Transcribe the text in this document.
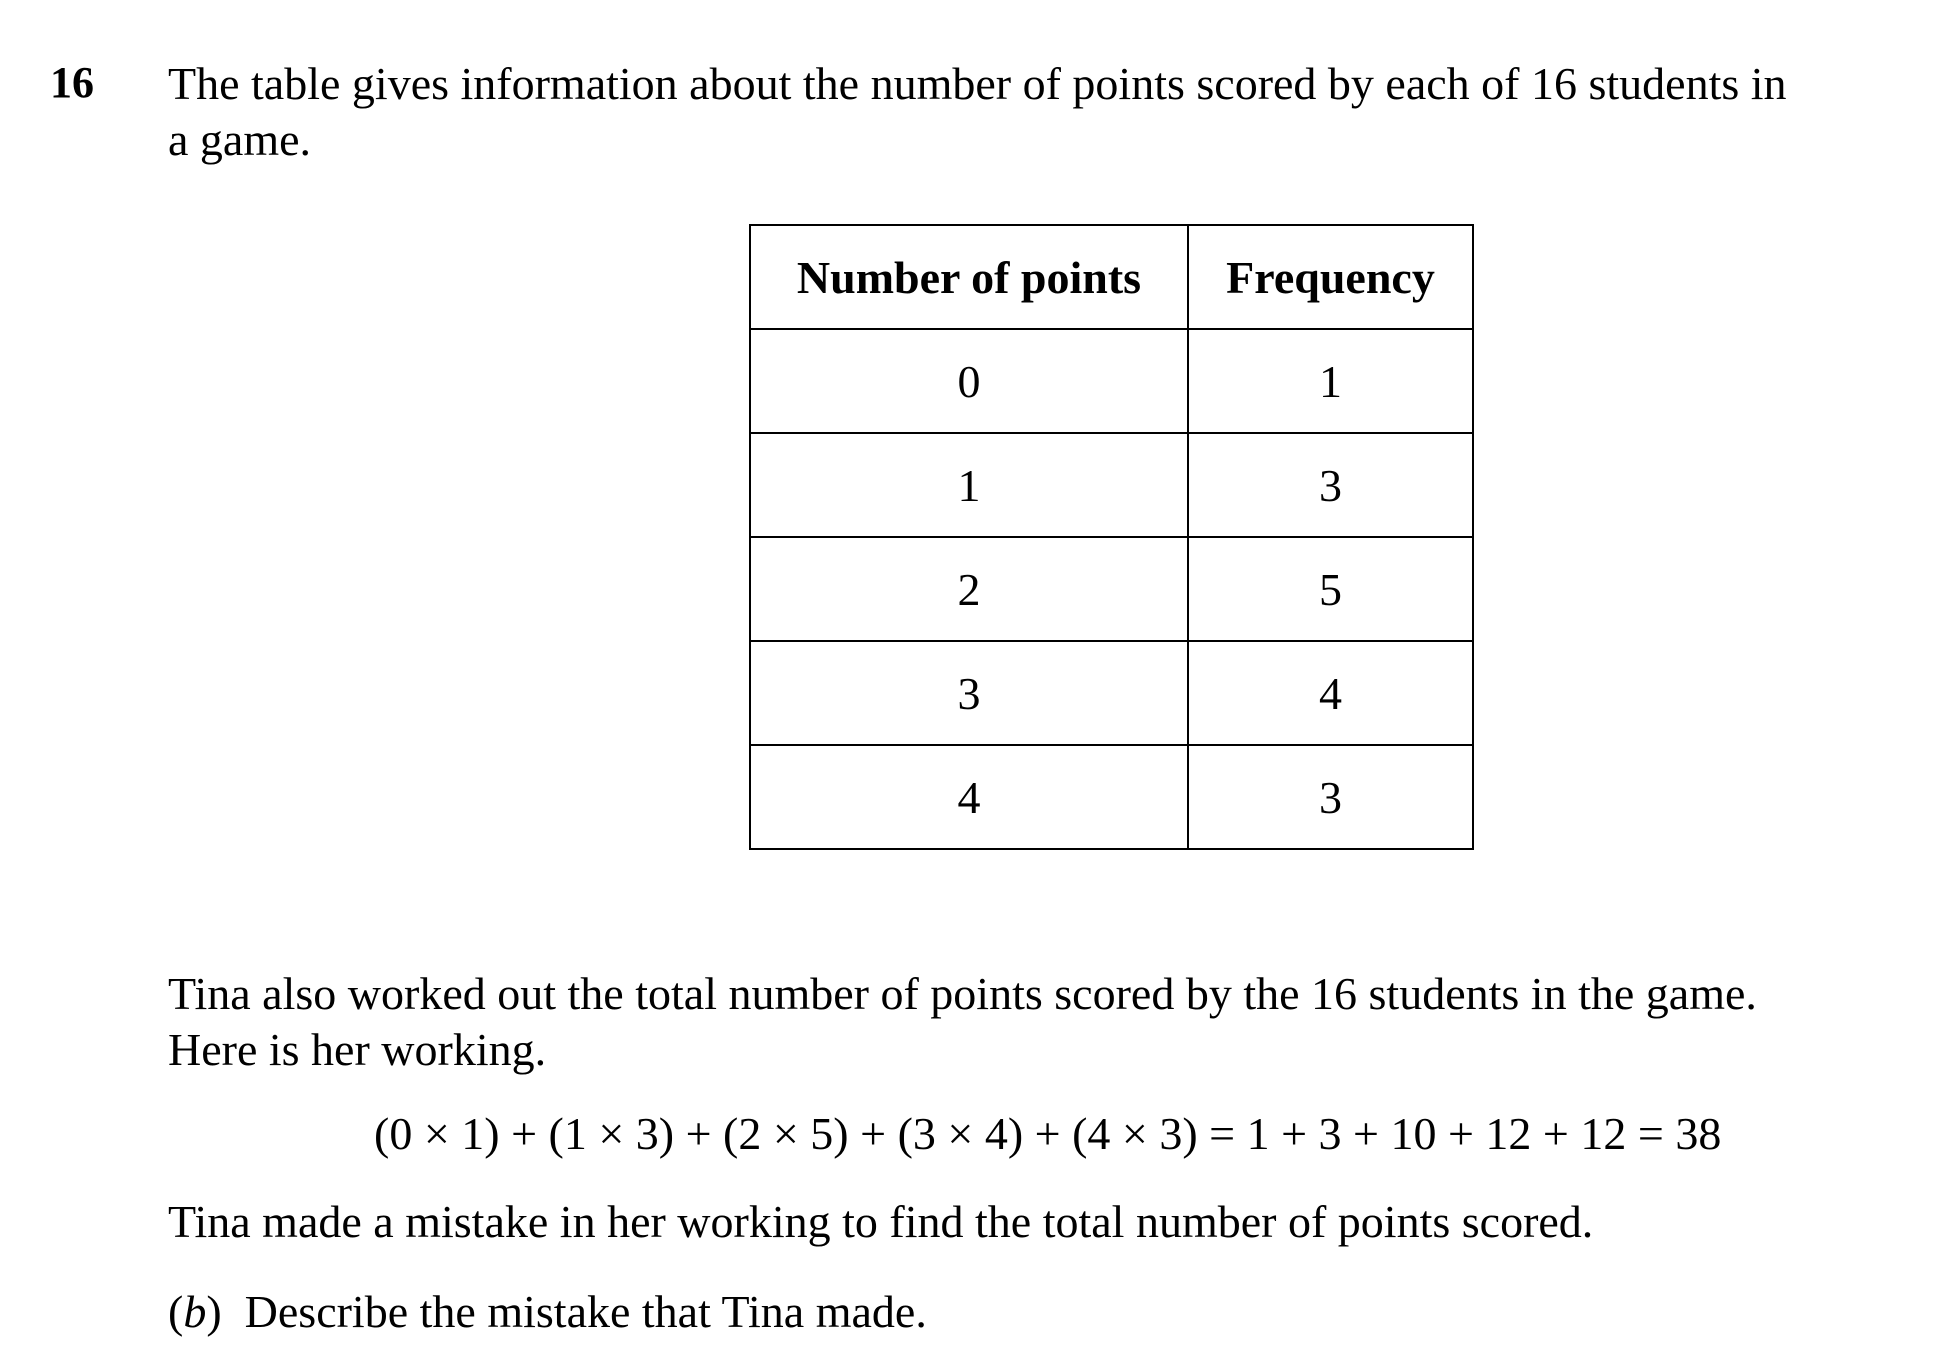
16 The table gives information about the number of points scored by each of 16 students in
a game.
Number of points	Frequency
0	1
1	3
2	5
3	4
4	3
Tina also worked out the total number of points scored by the 16 students in the game.
Here is her working.
(0 × 1) + (1 × 3) + (2 × 5) + (3 × 4) + (4 × 3) = 1 + 3 + 10 + 12 + 12 = 38
Tina made a mistake in her working to find the total number of points scored.
(b) Describe the mistake that Tina made.
